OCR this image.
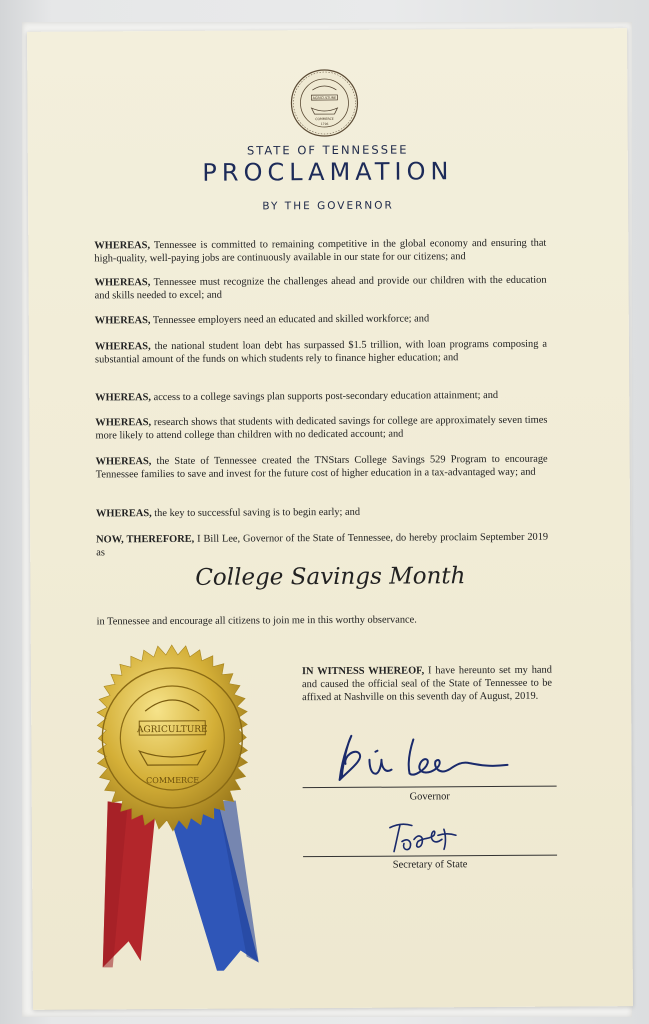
AGRICULTURE
COMMERCE
1796
STATE OF TENNESSEE
PROCLAMATION
BY THE GOVERNOR
WHEREAS, Tennessee is committed to remaining competitive in the global economy and ensuring that high-quality, well-paying jobs are continuously available in our state for our citizens; and
WHEREAS, Tennessee must recognize the challenges ahead and provide our children with the education and skills needed to excel; and
WHEREAS, Tennessee employers need an educated and skilled workforce; and
WHEREAS, the national student loan debt has surpassed $1.5 trillion, with loan programs composing a substantial amount of the funds on which students rely to finance higher education; and
WHEREAS, access to a college savings plan supports post-secondary education attainment; and
WHEREAS, research shows that students with dedicated savings for college are approximately seven times more likely to attend college than children with no dedicated account; and
WHEREAS, the State of Tennessee created the TNStars College Savings 529 Program to encourage Tennessee families to save and invest for the future cost of higher education in a tax-advantaged way; and
WHEREAS, the key to successful saving is to begin early; and
NOW, THEREFORE, I Bill Lee, Governor of the State of Tennessee, do hereby proclaim September 2019 as
College Savings Month
in Tennessee and encourage all citizens to join me in this worthy observance.
IN WITNESS WHEREOF, I have hereunto set my hand and caused the official seal of the State of Tennessee to be affixed at Nashville on this seventh day of August, 2019.
Governor
Secretary of State
AGRICULTURE
COMMERCE
